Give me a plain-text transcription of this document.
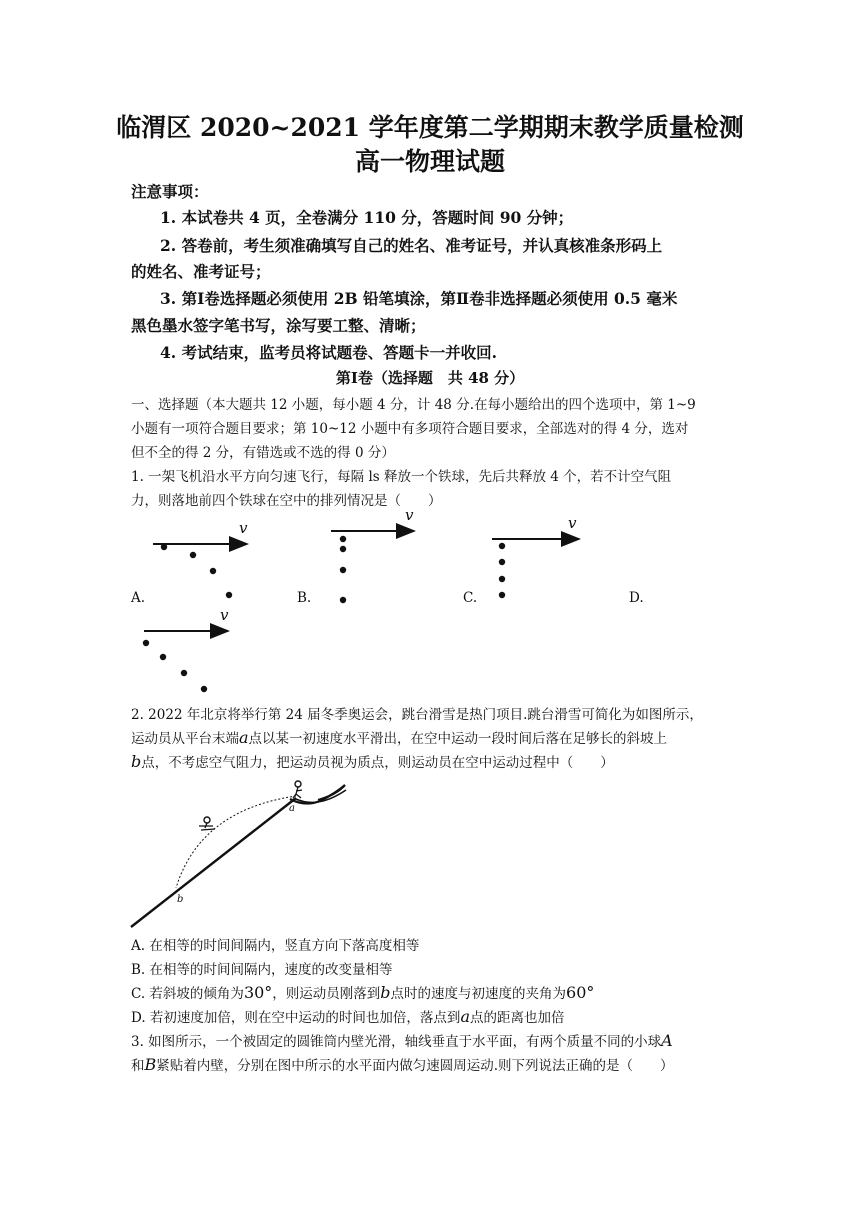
临渭区 2020~2021 学年度第二学期期末教学质量检测
高一物理试题
注意事项：
1. 本试卷共 4 页，全卷满分 110 分，答题时间 90 分钟；
2. 答卷前，考生须准确填写自己的姓名、准考证号，并认真核准条形码上
的姓名、准考证号；
3. 第Ⅰ卷选择题必须使用 2B 铅笔填涂，第Ⅱ卷非选择题必须使用 0.5 毫米
黑色墨水签字笔书写，涂写要工整、清晰；
4. 考试结束，监考员将试题卷、答题卡一并收回.
第Ⅰ卷（选择题　共 48 分）
一、选择题（本大题共 12 小题，每小题 4 分，计 48 分.在每小题给出的四个选项中，第 1~9
小题有一项符合题目要求；第 10~12 小题中有多项符合题目要求，全部选对的得 4 分，选对
但不全的得 2 分，有错选或不选的得 0 分）
1. 一架飞机沿水平方向匀速飞行，每隔 ls 释放一个铁球，先后共释放 4 个，若不计空气阻
力，则落地前四个铁球在空中的排列情况是（　　）
v
v	v
v
A.	B.	C.	D.
2. 2022 年北京将举行第 24 届冬季奥运会，跳台滑雪是热门项目.跳台滑雪可简化为如图所示，
运动员从平台末端a点以某一初速度水平滑出，在空中运动一段时间后落在足够长的斜坡上
b点，不考虑空气阻力，把运动员视为质点，则运动员在空中运动过程中（　　）
a
b
A. 在相等的时间间隔内，竖直方向下落高度相等
B. 在相等的时间间隔内，速度的改变量相等
C. 若斜坡的倾角为30°，则运动员刚落到b点时的速度与初速度的夹角为60°
D. 若初速度加倍，则在空中运动的时间也加倍，落点到a点的距离也加倍
3. 如图所示，一个被固定的圆锥筒内壁光滑，轴线垂直于水平面，有两个质量不同的小球A
和B紧贴着内壁，分别在图中所示的水平面内做匀速圆周运动.则下列说法正确的是（　　）
